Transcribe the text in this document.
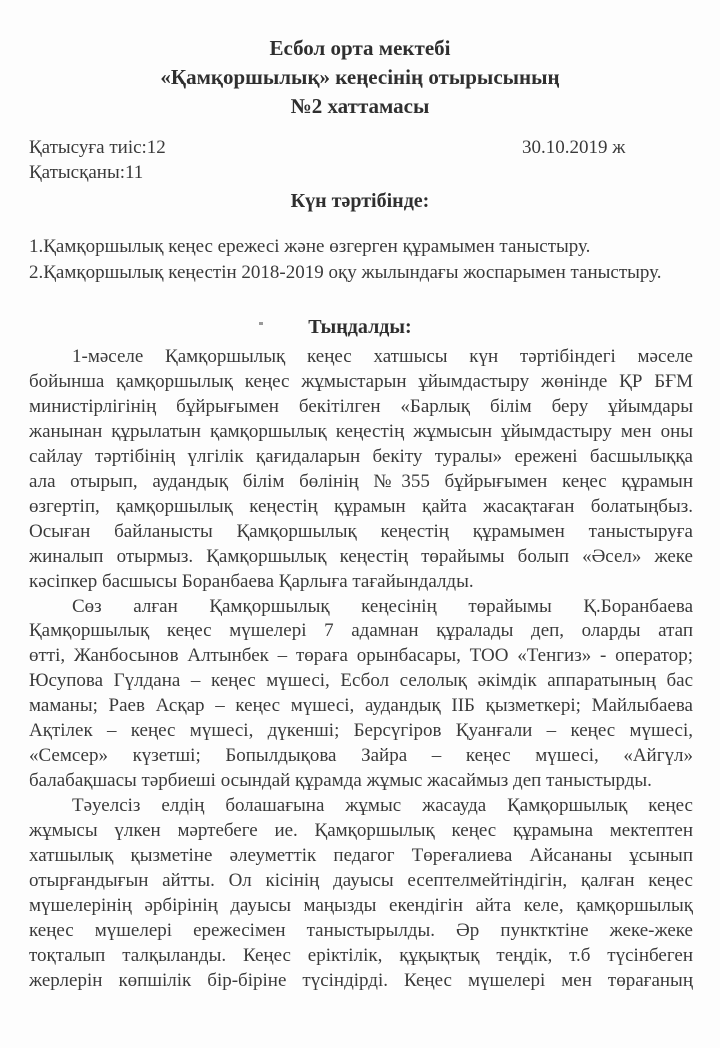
Есбол орта мектебі
«Қамқоршылық» кеңесінің отырысының
№2 хаттамасы
Қатысуға тиіс:12	30.10.2019 ж
Қатысқаны:11
Күн тәртібінде:
1.Қамқоршылық кеңес ережесі және өзгерген құрамымен таныстыру.
2.Қамқоршылық кеңестін 2018-2019 оқу жылындағы жоспарымен таныстыру.
Тыңдалды:
1-мәселе Қамқоршылық кеңес хатшысы күн тәртібіндегі мәселе
бойынша қамқоршылық кеңес жұмыстарын ұйымдастыру жөнінде ҚР БҒМ
министірлігінің бұйрығымен бекітілген «Барлық білім беру ұйымдары
жанынан құрылатын қамқоршылық кеңестің жұмысын ұйымдастыру мен оны
сайлау тәртібінің үлгілік қағидаларын бекіту туралы» ережені басшылыққа
ала отырып, аудандық білім бөлінің №355 бұйрығымен кеңес құрамын
өзгертіп, қамқоршылық кеңестің құрамын қайта жасақтаған болатыңбыз.
Осыған байланысты Қамқоршылық кеңестің құрамымен таныстыруға
жиналып отырмыз. Қамқоршылық кеңестің төрайымы болып «Әсел» жеке
кәсіпкер басшысы Боранбаева Қарлығa тағайындалды.
Сөз алған Қамқоршылық кеңесінің төрайымы Қ.Боранбаева
Қамқоршылық кеңес мүшелері 7 адамнан құралады деп, оларды атап
өтті, Жанбосынов Алтынбек – төраға орынбасары, ТОО «Тенгиз» - оператор;
Юсупова Гүлдана – кеңес мүшесі, Есбол селолық әкімдік аппаратының бас
маманы; Раев Асқар – кеңес мүшесі, аудандық ІІБ қызметкері; Майлыбаева
Ақтілек – кеңес мүшесі, дүкенші; Берсүгіров Қуанғали – кеңес мүшесі,
«Семсер» күзетші; Бопылдықова Зайра – кеңес мүшесі, «Айгүл»
балабақшасы тәрбиеші осындай құрамда жұмыс жасаймыз деп таныстырды.
Тәуелсіз елдің болашағына жұмыс жасауда Қамқоршылық кеңес
жұмысы үлкен мәртебеге ие. Қамқоршылық кеңес құрамына мектептен
хатшылық қызметіне әлеуметтік педагог Төреғалиева Айсананы ұсынып
отырғандығын айтты. Ол кісінің дауысы есептелмейтіндігін, қалған кеңес
мүшелерінің әрбірінің дауысы маңызды екендігін айта келе, қамқоршылық
кеңес мүшелері ережесімен таныстырылды. Әр пунктктіне жеке-жеке
тоқталып талқыланды. Кеңес еріктілік, құқықтық теңдік, т.б түсінбеген
жерлерін көпшілік бір-біріне түсіндірді. Кеңес мүшелері мен төрағаның
